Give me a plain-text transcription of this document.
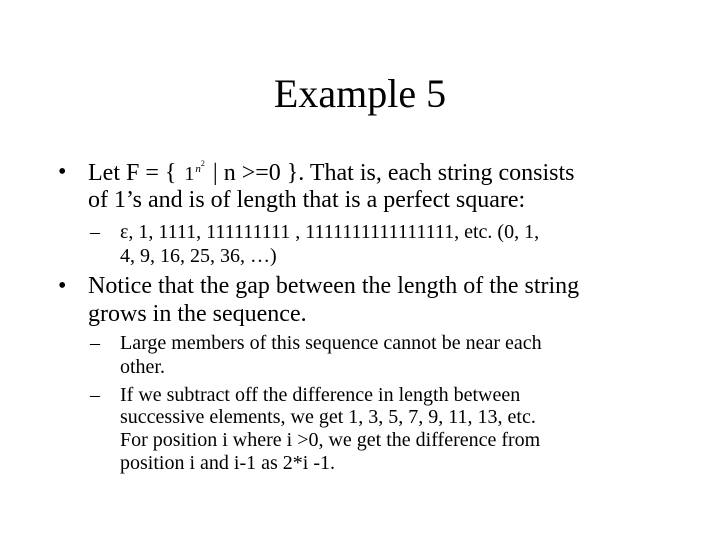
Example 5
• Let F = { $1^{n^2}$ | n >=0 }. That is, each string consists
of 1’s and is of length that is a perfect square:
– ε, 1, 1111, 111111111 , 1111111111111111, etc. (0, 1,
4, 9, 16, 25, 36, …)
• Notice that the gap between the length of the string
grows in the sequence.
– Large members of this sequence cannot be near each
other.
– If we subtract off the difference in length between
successive elements, we get 1, 3, 5, 7, 9, 11, 13, etc.
For position i where i >0, we get the difference from
position i and i-1 as 2*i -1.
